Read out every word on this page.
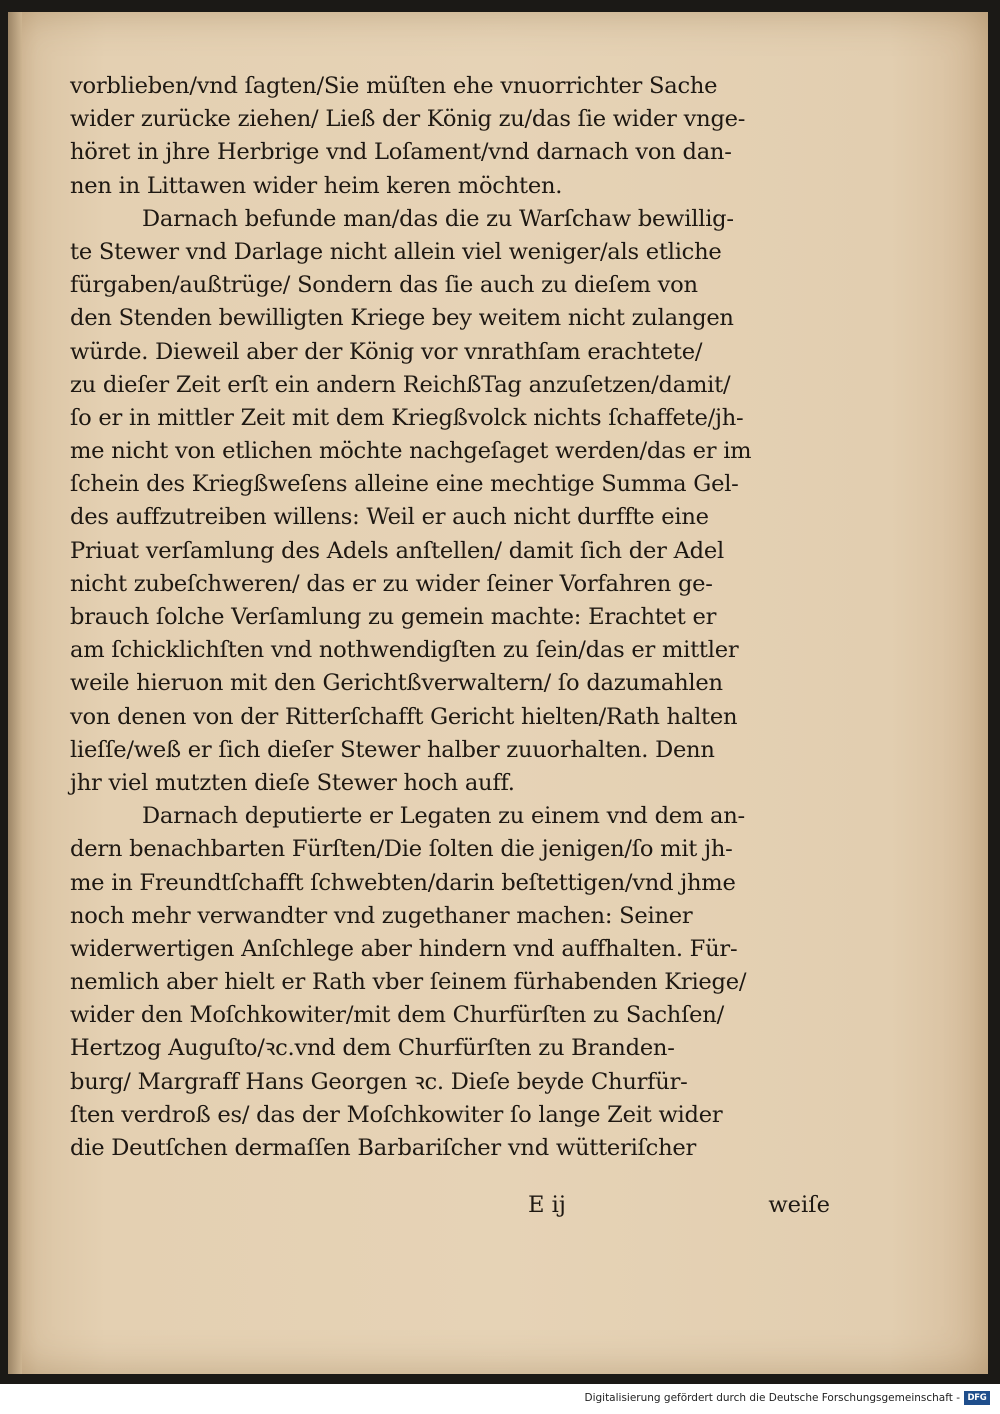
vorblieben/vnd ſagten/Sie müſten ehe vnuorrichter Sache
wider zurücke ziehen/ Ließ der König zu/das ſie wider vnge-
höret in jhre Herbrige vnd Loſament/vnd darnach von dan-
nen in Littawen wider heim keren möchten.
Darnach befunde man/das die zu Warſchaw bewillig-
te Stewer vnd Darlage nicht allein viel weniger/als etliche
fürgaben/außtrüge/ Sondern das ſie auch zu dieſem von
den Stenden bewilligten Kriege bey weitem nicht zulangen
würde. Dieweil aber der König vor vnrathſam erachtete/
zu dieſer Zeit erſt ein andern ReichßTag anzuſetzen/damit/
ſo er in mittler Zeit mit dem Kriegßvolck nichts ſchaffete/jh-
me nicht von etlichen möchte nachgeſaget werden/das er im
ſchein des Kriegßweſens alleine eine mechtige Summa Gel-
des auffzutreiben willens: Weil er auch nicht durffte eine
Priuat verſamlung des Adels anſtellen/ damit ſich der Adel
nicht zubeſchweren/ das er zu wider ſeiner Vorfahren ge-
brauch ſolche Verſamlung zu gemein machte: Erachtet er
am ſchicklichſten vnd nothwendigſten zu ſein/das er mittler
weile hieruon mit den Gerichtßverwaltern/ ſo dazumahlen
von denen von der Ritterſchafft Gericht hielten/Rath halten
lieſſe/weß er ſich dieſer Stewer halber zuuorhalten. Denn
jhr viel mutzten dieſe Stewer hoch auff.
Darnach deputierte er Legaten zu einem vnd dem an-
dern benachbarten Fürſten/Die ſolten die jenigen/ſo mit jh-
me in Freundtſchafft ſchwebten/darin beſtettigen/vnd jhme
noch mehr verwandter vnd zugethaner machen: Seiner
widerwertigen Anſchlege aber hindern vnd auffhalten. Für-
nemlich aber hielt er Rath vber ſeinem fürhabenden Kriege/
wider den Moſchkowiter/mit dem Churfürſten zu Sachſen/
Hertzog Auguſto/ꝛc.vnd dem Churfürſten zu Branden-
burg/ Margraff Hans Georgen ꝛc. Dieſe beyde Churfür-
ſten verdroß es/ das der Moſchkowiter ſo lange Zeit wider
die Deutſchen dermaſſen Barbariſcher vnd wütteriſcher
E ij	weiſe
Digitalisierung gefördert durch die Deutsche Forschungsgemeinschaft - DFG
